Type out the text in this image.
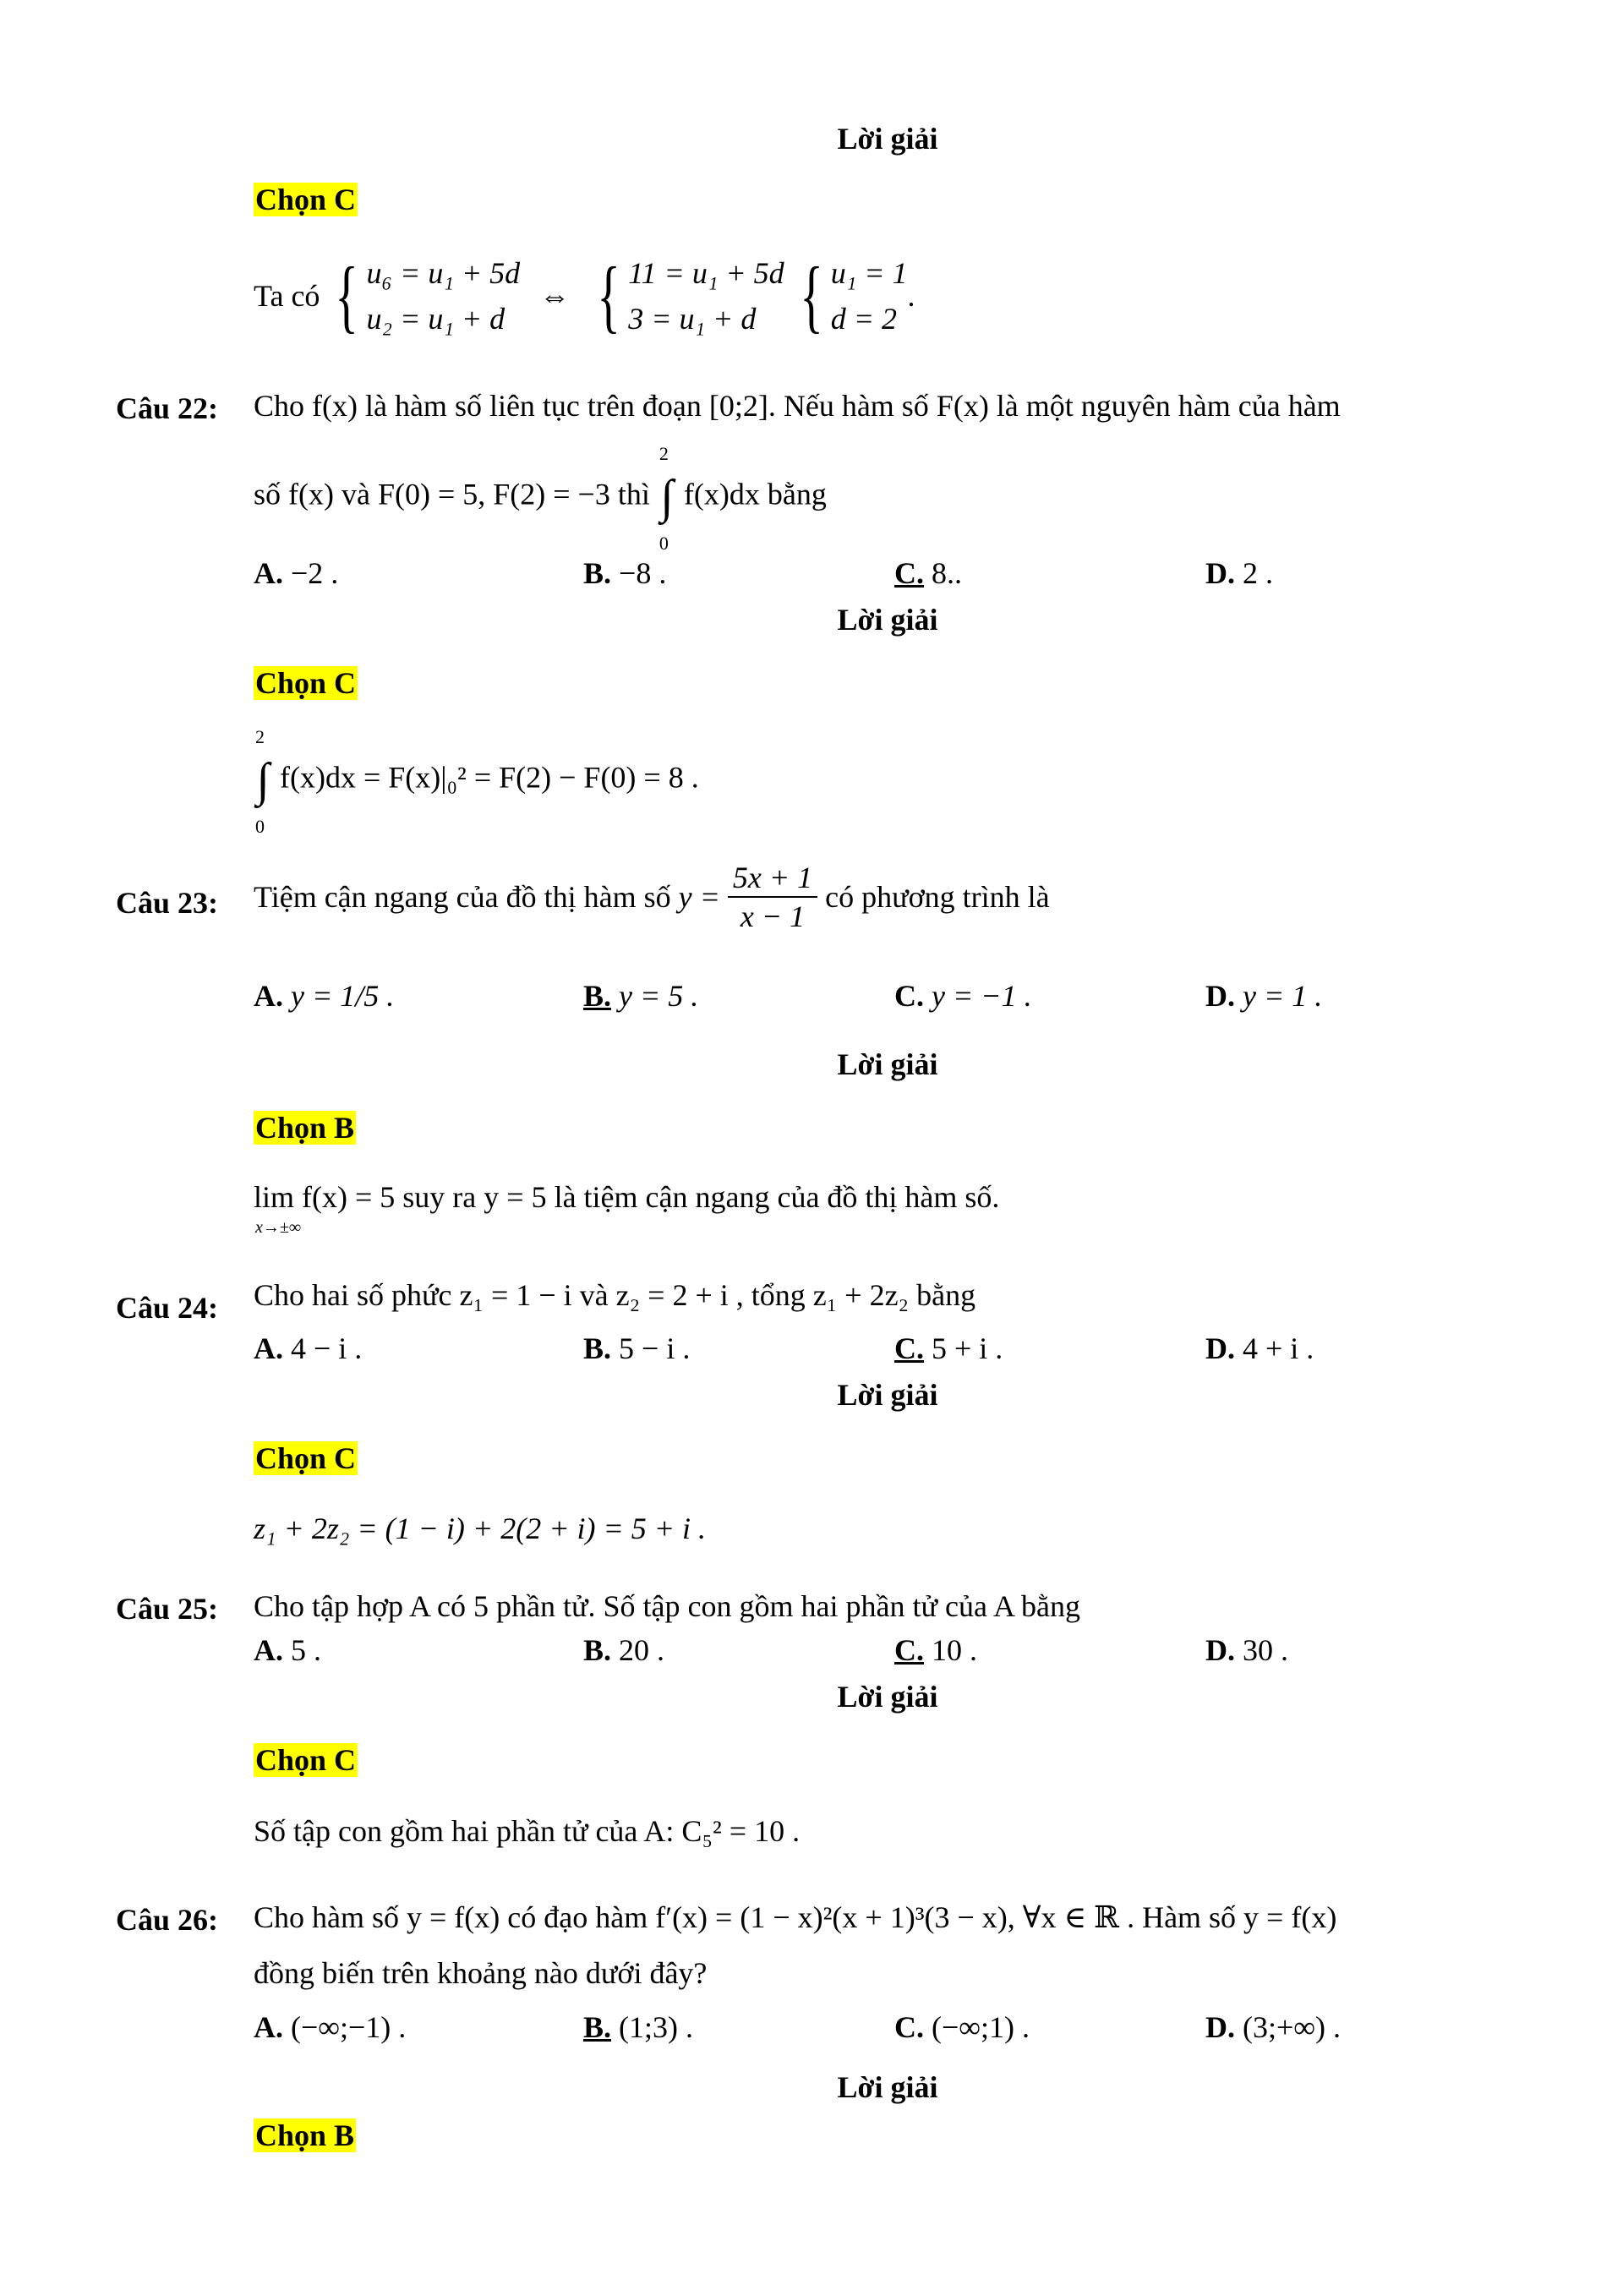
Lời giải
Chọn C
Ta có { u₆ = u₁ + 5d
u₂ = u₁ + d ⇔ { 11 = u₁ + 5d
3 = u₁ + d { u₁ = 1
d = 2.
Câu 22: Cho f(x) là hàm số liên tục trên đoạn [0;2]. Nếu hàm số F(x) là một nguyên hàm của hàm
số f(x) và F(0) = 5, F(2) = −3 thì
2
∫
0
f(x)dx bằng
A. −2 .	B. −8 .	C. 8..	D. 2 .
Lời giải
Chọn C
2
∫
0
f(x)dx = F(x)|₀² = F(2) − F(0) = 8 .
Câu 23: Tiệm cận ngang của đồ thị hàm số $y = \frac{5x + 1}{x - 1}$ có phương trình là
A. y = 1/5 .	B. y = 5 .	C. y = −1 .	D. y = 1 .
Lời giải
Chọn B
lim
x→±∞
f(x) = 5 suy ra y = 5 là tiệm cận ngang của đồ thị hàm số.
Câu 24: Cho hai số phức z₁ = 1 − i và z₂ = 2 + i , tổng z₁ + 2z₂ bằng
A. 4 − i .	B. 5 − i .	C. 5 + i .	D. 4 + i .
Lời giải
Chọn C
z₁ + 2z₂ = (1 − i) + 2(2 + i) = 5 + i .
Câu 25: Cho tập hợp A có 5 phần tử. Số tập con gồm hai phần tử của A bằng
A. 5 .	B. 20 .	C. 10 .	D. 30 .
Lời giải
Chọn C
Số tập con gồm hai phần tử của A: C₅² = 10 .
Câu 26: Cho hàm số y = f(x) có đạo hàm f′(x) = (1 − x)²(x + 1)³(3 − x), ∀x ∈ ℝ . Hàm số y = f(x)
đồng biến trên khoảng nào dưới đây?
A. (−∞;−1) .	B. (1;3) .	C. (−∞;1) .	D. (3;+∞) .
Lời giải
Chọn B
